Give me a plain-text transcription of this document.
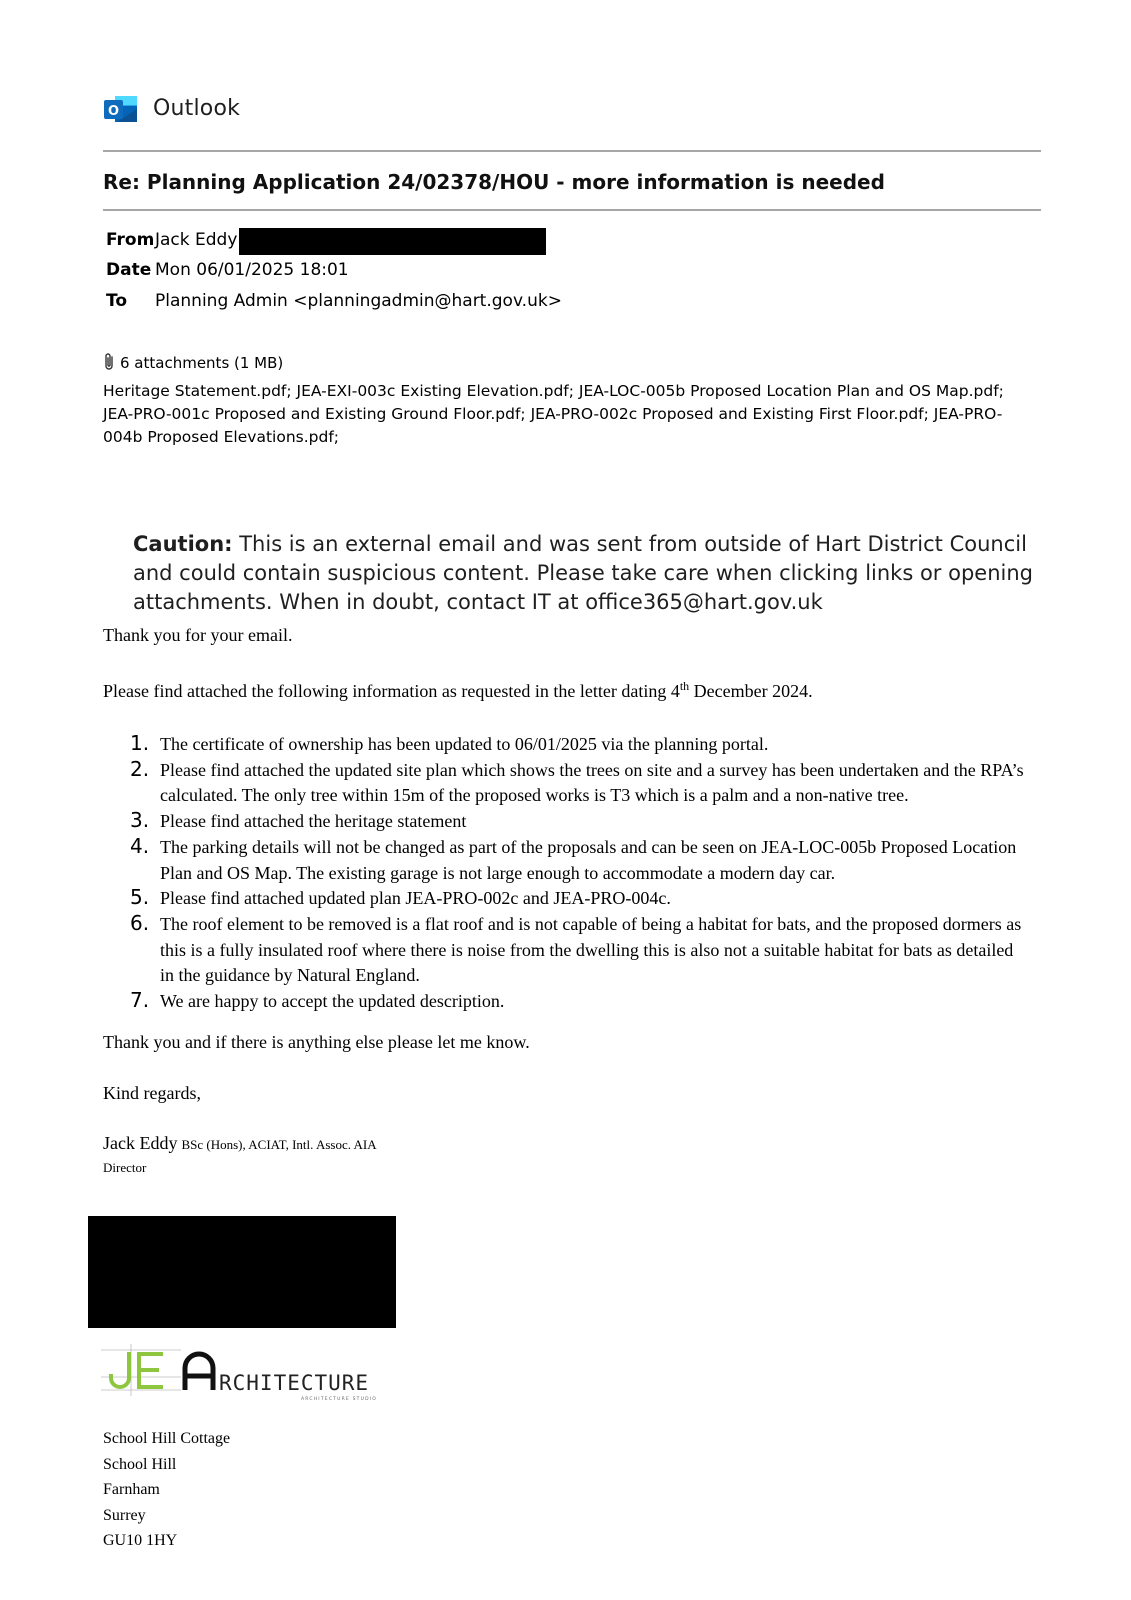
O Outlook
Re: Planning Application 24/02378/HOU - more information is needed
From Jack Eddy
Date Mon 06/01/2025 18:01
To Planning Admin <planningadmin@hart.gov.uk>
6 attachments (1 MB)
Heritage Statement.pdf; JEA-EXI-003c Existing Elevation.pdf; JEA-LOC-005b Proposed Location Plan and OS Map.pdf; JEA-PRO-001c Proposed and Existing Ground Floor.pdf; JEA-PRO-002c Proposed and Existing First Floor.pdf; JEA-PRO-004b Proposed Elevations.pdf;
Caution: This is an external email and was sent from outside of Hart District Council and could contain suspicious content. Please take care when clicking links or opening attachments. When in doubt, contact IT at office365@hart.gov.uk
Thank you for your email.
Please find attached the following information as requested in the letter dating 4th December 2024.
1. The certificate of ownership has been updated to 06/01/2025 via the planning portal.
2. Please find attached the updated site plan which shows the trees on site and a survey has been undertaken and the RPA’s calculated. The only tree within 15m of the proposed works is T3 which is a palm and a non-native tree.
3. Please find attached the heritage statement
4. The parking details will not be changed as part of the proposals and can be seen on JEA-LOC-005b Proposed Location Plan and OS Map. The existing garage is not large enough to accommodate a modern day car.
5. Please find attached updated plan JEA-PRO-002c and JEA-PRO-004c.
6. The roof element to be removed is a flat roof and is not capable of being a habitat for bats, and the proposed dormers as this is a fully insulated roof where there is noise from the dwelling this is also not a suitable habitat for bats as detailed in the guidance by Natural England.
7. We are happy to accept the updated description.
Thank you and if there is anything else please let me know.
Kind regards,
Jack Eddy BSc (Hons), ACIAT, Intl. Assoc. AIA
Director
RCHITECTURE
ARCHITECTURE STUDIO
School Hill Cottage
School Hill
Farnham
Surrey
GU10 1HY
